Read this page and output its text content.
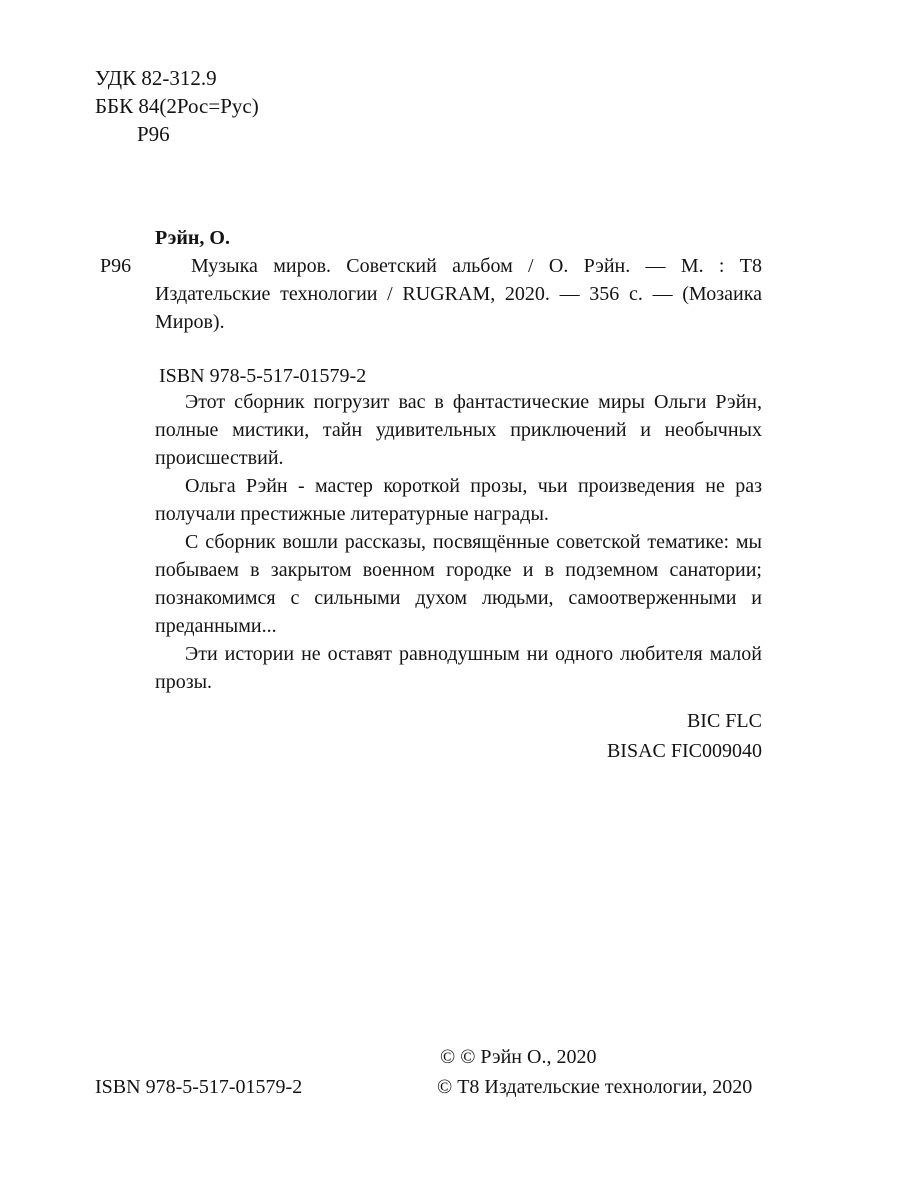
УДК 82-312.9
ББК 84(2Рос=Рус)
Р96

Рэйн, О.

Р96	Музыка миров. Советский альбом / О. Рэйн. — М. : Т8 Издательские технологии / RUGRAM, 2020. — 356 с. — (Мозаика Миров).

ISBN 978-5-517-01579-2

Этот сборник погрузит вас в фантастические миры Ольги Рэйн, полные мистики, тайн удивительных приключений и необычных происшествий.

Ольга Рэйн - мастер короткой прозы, чьи произведения не раз получали престижные литературные награды.

С сборник вошли рассказы, посвящённые советской тематике: мы побываем в закрытом военном городке и в подземном санатории; познакомимся с сильными духом людьми, самоотверженными и преданными...

Эти истории не оставят равнодушным ни одного любителя малой прозы.

BIC FLC
BISAC FIC009040
© © Рэйн О., 2020
ISBN 978-5-517-01579-2	© Т8 Издательские технологии, 2020
